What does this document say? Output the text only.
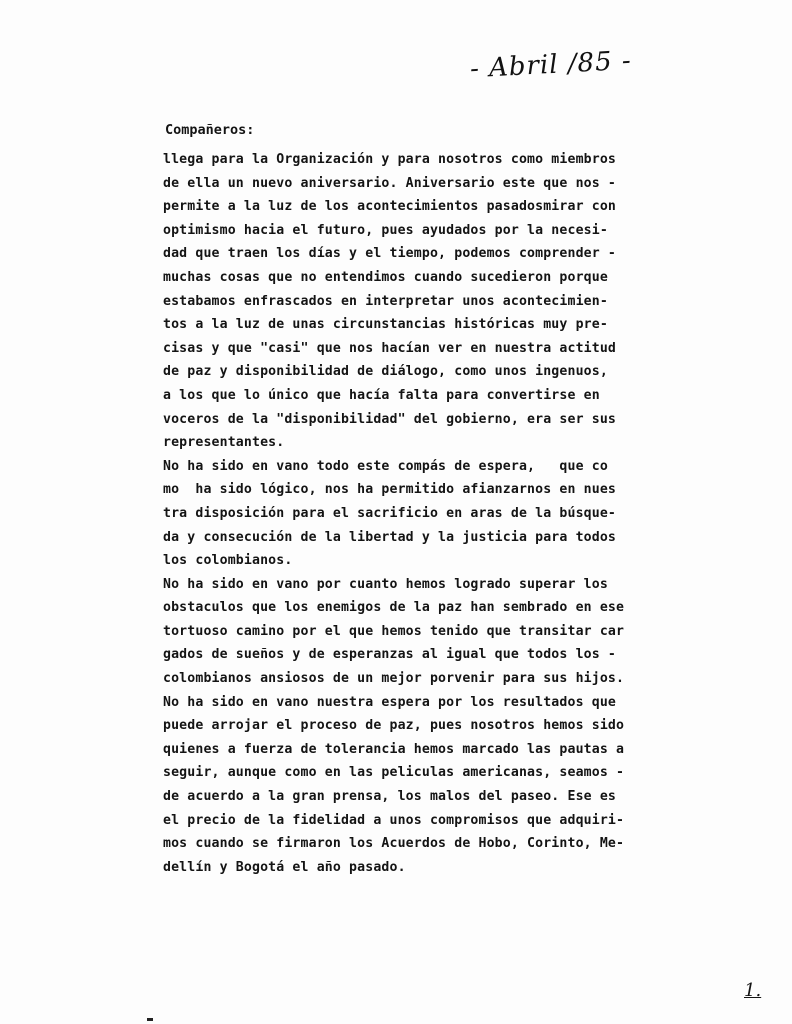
- Abril /85 -
Compañeros:
llega para la Organización y para nosotros como miembros
de ella un nuevo aniversario. Aniversario este que nos -
permite a la luz de los acontecimientos pasadosmirar con
optimismo hacia el futuro, pues ayudados por la necesi-
dad que traen los días y el tiempo, podemos comprender -
muchas cosas que no entendimos cuando sucedieron porque
estabamos enfrascados en interpretar unos acontecimien-
tos a la luz de unas circunstancias históricas muy pre-
cisas y que "casi" que nos hacían ver en nuestra actitud
de paz y disponibilidad de diálogo, como unos ingenuos,
a los que lo único que hacía falta para convertirse en
voceros de la "disponibilidad" del gobierno, era ser sus
representantes.
No ha sido en vano todo este compás de espera,   que co
mo  ha sido lógico, nos ha permitido afianzarnos en nues
tra disposición para el sacrificio en aras de la búsque-
da y consecución de la libertad y la justicia para todos
los colombianos.
No ha sido en vano por cuanto hemos logrado superar los
obstaculos que los enemigos de la paz han sembrado en ese
tortuoso camino por el que hemos tenido que transitar car
gados de sueños y de esperanzas al igual que todos los -
colombianos ansiosos de un mejor porvenir para sus hijos.
No ha sido en vano nuestra espera por los resultados que
puede arrojar el proceso de paz, pues nosotros hemos sido
quienes a fuerza de tolerancia hemos marcado las pautas a
seguir, aunque como en las peliculas americanas, seamos -
de acuerdo a la gran prensa, los malos del paseo. Ese es
el precio de la fidelidad a unos compromisos que adquiri-
mos cuando se firmaron los Acuerdos de Hobo, Corinto, Me-
dellín y Bogotá el año pasado.
1.
